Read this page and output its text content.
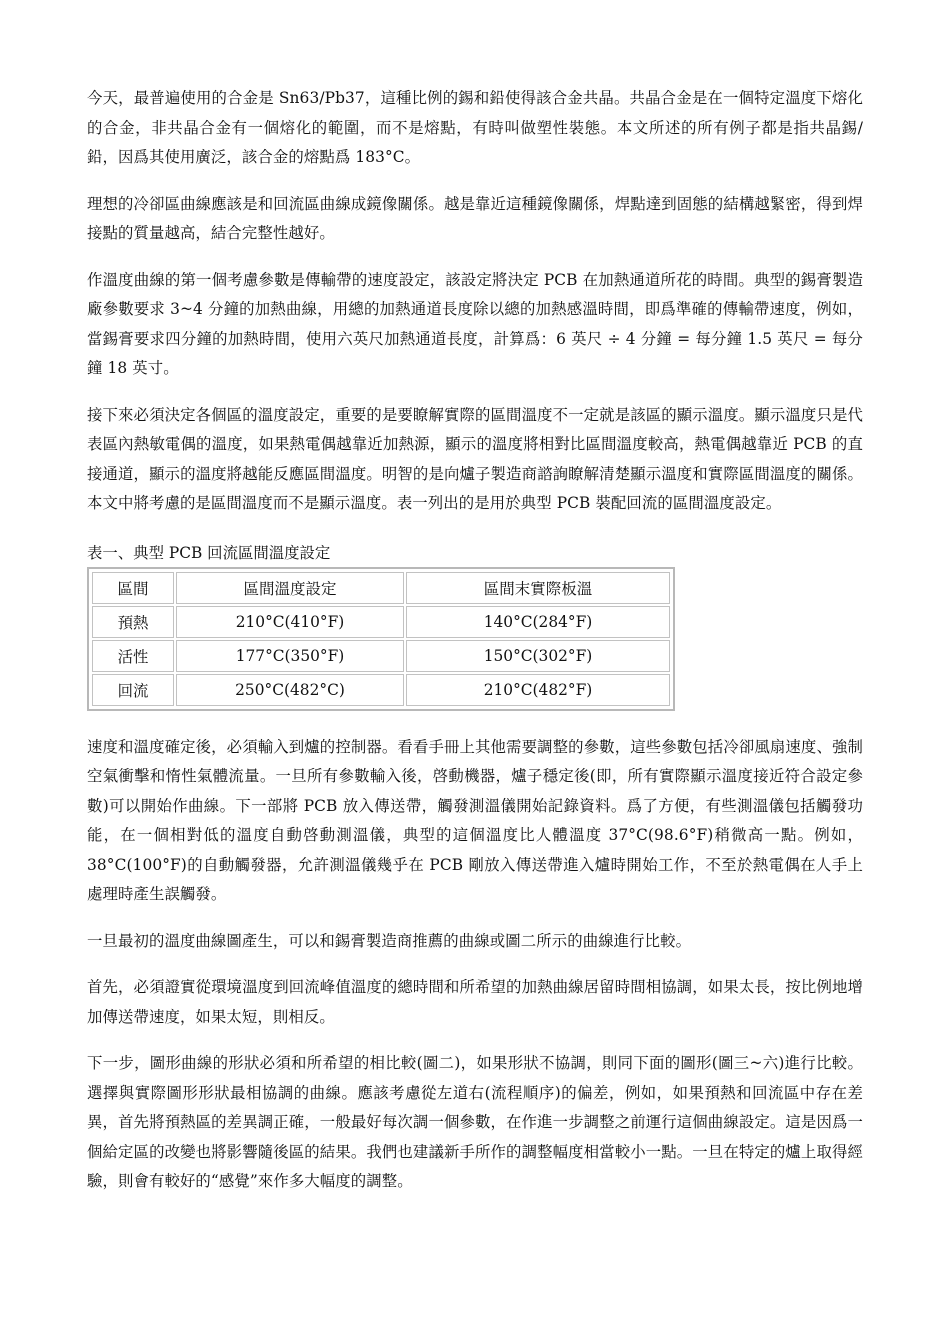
今天，最普遍使用的合金是 Sn63/Pb37，這種比例的錫和鉛使得該合金共晶。共晶合金是在一個特定溫度下熔化的合金，非共晶合金有一個熔化的範圍，而不是熔點，有時叫做塑性裝態。本文所述的所有例子都是指共晶錫/鉛，因爲其使用廣泛，該合金的熔點爲 183°C。

理想的冷卻區曲線應該是和回流區曲線成鏡像關係。越是靠近這種鏡像關係，焊點達到固態的結構越緊密，得到焊接點的質量越高，結合完整性越好。

作溫度曲線的第一個考慮參數是傳輸帶的速度設定，該設定將決定 PCB 在加熱通道所花的時間。典型的錫膏製造廠參數要求 3~4 分鐘的加熱曲線，用總的加熱通道長度除以總的加熱感溫時間，即爲準確的傳輸帶速度，例如，當錫膏要求四分鐘的加熱時間，使用六英尺加熱通道長度，計算爲：6 英尺 ÷ 4 分鐘 = 每分鐘 1.5 英尺 = 每分鐘 18 英寸。

接下來必須決定各個區的溫度設定，重要的是要瞭解實際的區間溫度不一定就是該區的顯示溫度。顯示溫度只是代表區內熱敏電偶的溫度，如果熱電偶越靠近加熱源，顯示的溫度將相對比區間溫度較高，熱電偶越靠近 PCB 的直接通道，顯示的溫度將越能反應區間溫度。明智的是向爐子製造商諮詢瞭解清楚顯示溫度和實際區間溫度的關係。本文中將考慮的是區間溫度而不是顯示溫度。表一列出的是用於典型 PCB 裝配回流的區間溫度設定。

表一、典型 PCB 回流區間溫度設定
區間	區間溫度設定	區間末實際板溫
預熱	210°C(410°F)	140°C(284°F)
活性	177°C(350°F)	150°C(302°F)
回流	250°C(482°C)	210°C(482°F)

速度和溫度確定後，必須輸入到爐的控制器。看看手冊上其他需要調整的參數，這些參數包括冷卻風扇速度、強制空氣衝擊和惰性氣體流量。一旦所有參數輸入後，啓動機器，爐子穩定後(即，所有實際顯示溫度接近符合設定參數)可以開始作曲線。下一部將 PCB 放入傳送帶，觸發測溫儀開始記錄資料。爲了方便，有些測溫儀包括觸發功能，在一個相對低的溫度自動啓動測溫儀，典型的這個溫度比人體溫度 37°C(98.6°F)稍微高一點。例如，38°C(100°F)的自動觸發器，允許測溫儀幾乎在 PCB 剛放入傳送帶進入爐時開始工作，不至於熱電偶在人手上處理時產生誤觸發。

一旦最初的溫度曲線圖產生，可以和錫膏製造商推薦的曲線或圖二所示的曲線進行比較。

首先，必須證實從環境溫度到回流峰值溫度的總時間和所希望的加熱曲線居留時間相協調，如果太長，按比例地增加傳送帶速度，如果太短，則相反。

下一步，圖形曲線的形狀必須和所希望的相比較(圖二)，如果形狀不協調，則同下面的圖形(圖三~六)進行比較。選擇與實際圖形形狀最相協調的曲線。應該考慮從左道右(流程順序)的偏差，例如，如果預熱和回流區中存在差異，首先將預熱區的差異調正確，一般最好每次調一個參數，在作進一步調整之前運行這個曲線設定。這是因爲一個給定區的改變也將影響隨後區的結果。我們也建議新手所作的調整幅度相當較小一點。一旦在特定的爐上取得經驗，則會有較好的“感覺”來作多大幅度的調整。
